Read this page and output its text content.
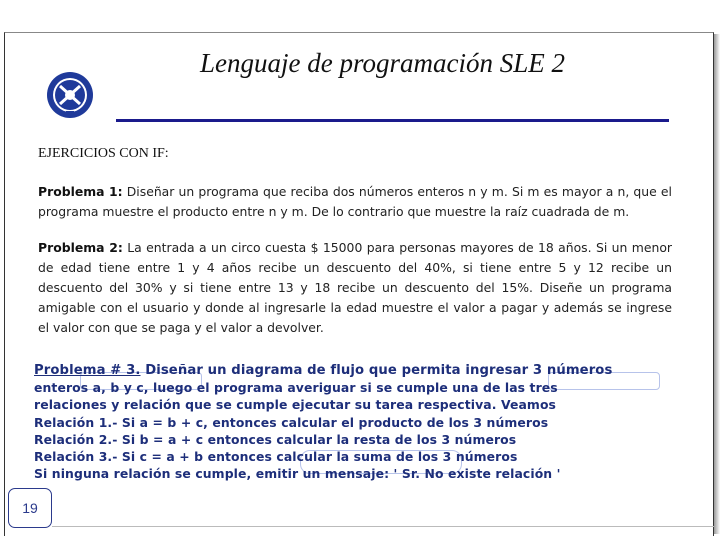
Lenguaje de programación SLE 2
EJERCICIOS CON IF:
Problema 1: Diseñar un programa que reciba dos números enteros n y m. Si m es mayor a n, que el programa muestre el producto entre n y m. De lo contrario que muestre la raíz cuadrada de m.
Problema 2: La entrada a un circo cuesta $ 15000 para personas mayores de 18 años. Si un menor de edad tiene entre 1 y 4 años recibe un descuento del 40%, si tiene entre 5 y 12 recibe un descuento del 30% y si tiene entre 13 y 18 recibe un descuento del 15%. Diseñe un programa amigable con el usuario y donde al ingresarle la edad muestre el valor a pagar y además se ingrese el valor con que se paga y el valor a devolver.
Problema # 3. Diseñar un diagrama de flujo que permita ingresar 3 números
enteros a, b y c, luego el programa averiguar si se cumple una de las tres
relaciones y relación que se cumple ejecutar su tarea respectiva. Veamos
Relación 1.- Si a = b + c, entonces calcular el producto de los 3 números
Relación 2.- Si b = a + c entonces calcular la resta de los 3 números
Relación 3.- Si c = a + b entonces calcular la suma de los 3 números
Si ninguna relación se cumple, emitir un mensaje: ' Sr. No existe relación '
19
